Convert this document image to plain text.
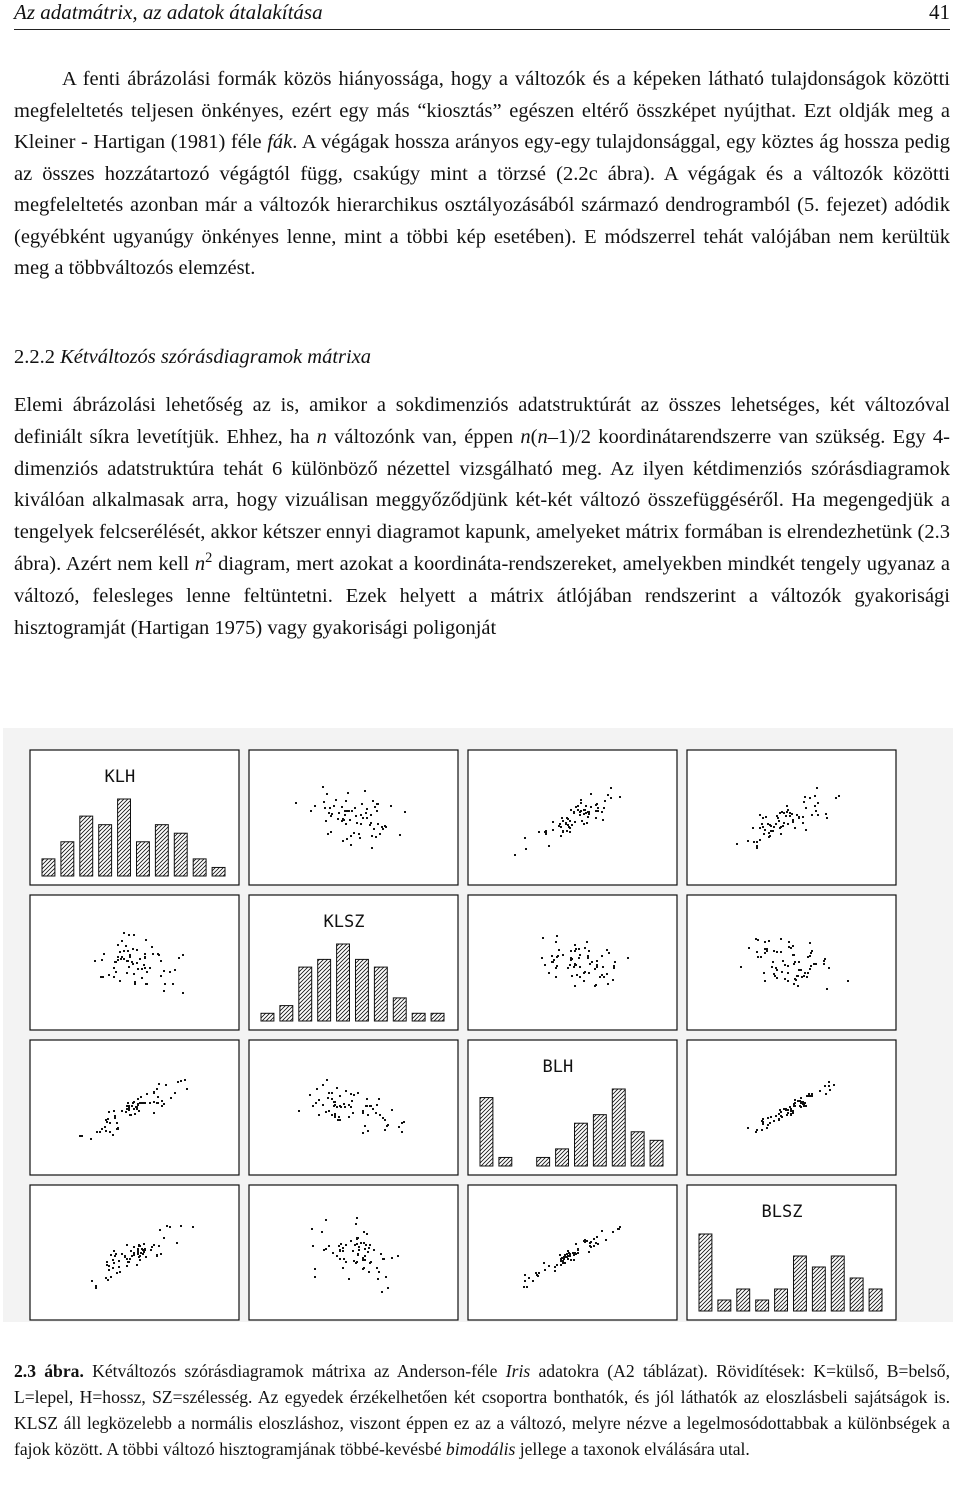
Az adatmátrix, az adatok átalakítása	41

A fenti ábrázolási formák közös hiányossága, hogy a változók és a képeken látható tulajdonságok közötti megfeleltetés teljesen önkényes, ezért egy más “kiosztás” egészen eltérő összképet nyújthat. Ezt oldják meg a Kleiner - Hartigan (1981) féle fák. A végágak hossza arányos egy-egy tulajdonsággal, egy köztes ág hossza pedig az összes hozzátartozó végágtól függ, csakúgy mint a törzsé (2.2c ábra). A végágak és a változók közötti megfeleltetés azonban már a változók hierarchikus osztályozásából származó dendrogramból (5. fejezet) adódik (egyébként ugyanúgy önkényes lenne, mint a többi kép esetében). E módszerrel tehát valójában nem kerültük meg a többváltozós elemzést.

2.2.2 Kétváltozós szórásdiagramok mátrixa

Elemi ábrázolási lehetőség az is, amikor a sokdimenziós adatstruktúrát az összes lehetséges, két változóval definiált síkra levetítjük. Ehhez, ha n változónk van, éppen n(n–1)/2 koordinátarendszerre van szükség. Egy 4-dimenziós adatstruktúra tehát 6 különböző nézettel vizsgálható meg. Az ilyen kétdimenziós szórásdiagramok kiválóan alkalmasak arra, hogy vizuálisan meggyőződjünk két-két változó összefüggéséről. Ha megengedjük a tengelyek felcserélését, akkor kétszer ennyi diagramot kapunk, amelyeket mátrix formában is elrendezhetünk (2.3 ábra). Azért nem kell $n^2$ diagram, mert azokat a koordináta-rendszereket, amelyekben mindkét tengely ugyanaz a változó, felesleges lenne feltüntetni. Ezek helyett a mátrix átlójában rendszerint a változók gyakorisági hisztogramját (Hartigan 1975) vagy gyakorisági poligonját

KLH
KLSZ
BLH
BLSZ

2.3 ábra. Kétváltozós szórásdiagramok mátrixa az Anderson-féle Iris adatokra (A2 táblázat). Rövidítések: K=külső, B=belső, L=lepel, H=hossz, SZ=szélesség. Az egyedek érzékelhetően két csoportra bonthatók, és jól láthatók az eloszlásbeli sajátságok is. KLSZ áll legközelebb a normális eloszláshoz, viszont éppen ez az a változó, melyre nézve a legelmosódottabbak a különbségek a fajok között. A többi változó hisztogramjának többé-kevésbé bimodális jellege a taxonok elválására utal.
